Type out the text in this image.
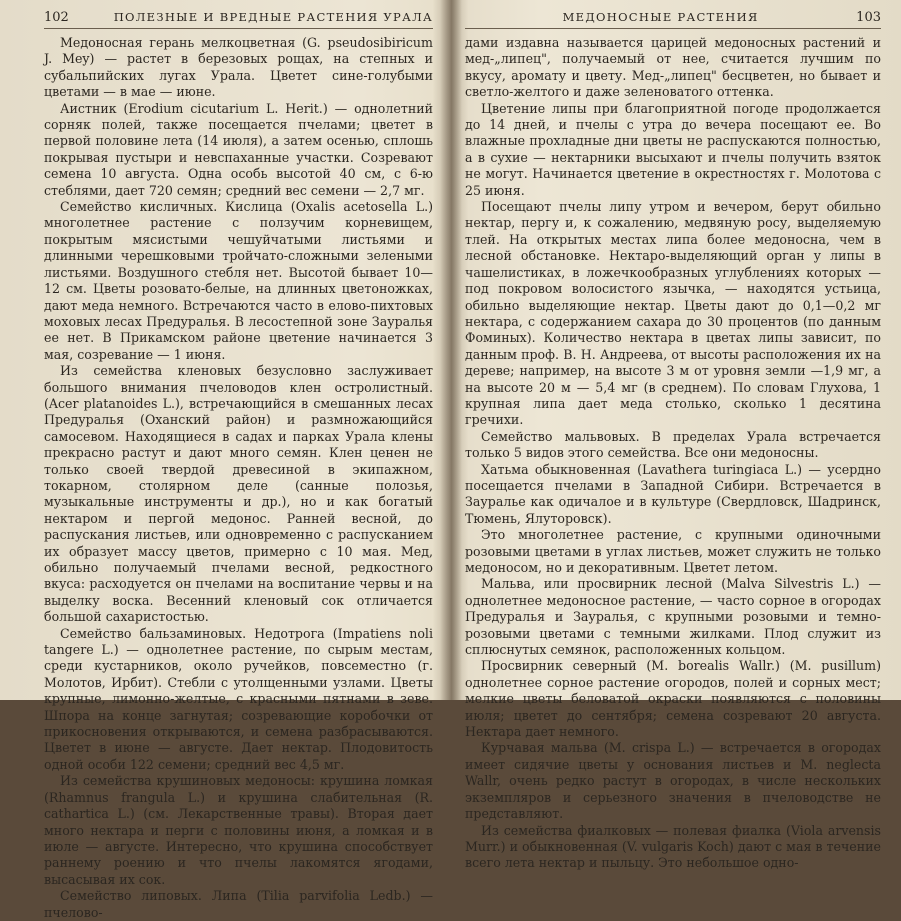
102	ПОЛЕЗНЫЕ И ВРЕДНЫЕ РАСТЕНИЯ УРАЛА

Медоносная герань мелкоцветная (G. pseudosibiricum J. Mey) — растет в березовых рощах, на степных и субальпийских лугах Урала. Цветет сине-голубыми цветами — в мае — июне.

Аистник (Erodium cicutarium L. Herit.) — однолетний сорняк полей, также посещается пчелами; цветет в первой половине лета (14 июля), а затем осенью, сплошь покрывая пустыри и невспаханные участки. Созревают семена 10 августа. Одна особь высотой 40 см, с 6-ю стеблями, дает 720 семян; средний вес семени — 2,7 мг.

Семейство кисличных. Кислица (Oxalis acetosella L.) многолетнее растение с ползучим корневищем, покрытым мясистыми чешуйчатыми листьями и длинными черешковыми тройчато-сложными зелеными листьями. Воздушного стебля нет. Высотой бывает 10—12 см. Цветы розовато-белые, на длинных цветоножках, дают меда немного. Встречаются часто в елово-пихтовых моховых лесах Предуралья. В лесостепной зоне Зауралья ее нет. В Прикамском районе цветение начинается 3 мая, созревание — 1 июня.

Из семейства кленовых безусловно заслуживает большого внимания пчеловодов клен остролистный. (Acer platanoides L.), встречающийся в смешанных лесах Предуралья (Оханский район) и размножающийся самосевом. Находящиеся в садах и парках Урала клены прекрасно растут и дают много семян. Клен ценен не только своей твердой древесиной в экипажном, токарном, столярном деле (санные полозья, музыкальные инструменты и др.), но и как богатый нектаром и пергой медонос. Ранней весной, до распускания листьев, или одновременно с распусканием их образует массу цветов, примерно с 10 мая. Мед, обильно получаемый пчелами весной, редкостного вкуса: расходуется он пчелами на воспитание червы и на выделку воска. Весенний кленовый сок отличается большой сахаристостью.

Семейство бальзаминовых. Недотрога (Impatiens noli tangere L.) — однолетнее растение, по сырым местам, среди кустарников, около ручейков, повсеместно (г. Молотов, Ирбит). Стебли с утолщенными узлами. Цветы крупные, лимонно-желтые, с красными пятнами в зеве. Шпора на конце загнутая; созревающие коробочки от прикосновения открываются, и семена разбрасываются. Цветет в июне — августе. Дает нектар. Плодовитость одной особи 122 семени; средний вес 4,5 мг.

Из семейства крушиновых медоносы: крушина ломкая (Rhamnus frangula L.) и крушина слабительная (R. cathartica L.) (см. Лекарственные травы). Вторая дает много нектара и перги с половины июня, а ломкая и в июле — августе. Интересно, что крушина способствует раннему роению и что пчелы лакомятся ягодами, высасывая их сок.

Семейство липовых. Липа (Tilia parvifolia Ledb.) — пчелово-

МЕДОНОСНЫЕ РАСТЕНИЯ	103

дами издавна называется царицей медоносных растений и мед-„липец", получаемый от нее, считается лучшим по вкусу, аромату и цвету. Мед-„липец" бесцветен, но бывает и светло-желтого и даже зеленоватого оттенка.

Цветение липы при благоприятной погоде продолжается до 14 дней, и пчелы с утра до вечера посещают ее. Во влажные прохладные дни цветы не распускаются полностью, а в сухие — нектарники высыхают и пчелы получить взяток не могут. Начинается цветение в окрестностях г. Молотова с 25 июня.

Посещают пчелы липу утром и вечером, берут обильно нектар, пергу и, к сожалению, медвяную росу, выделяемую тлей. На открытых местах липа более медоносна, чем в лесной обстановке. Нектаро-выделяющий орган у липы в чашелистиках, в ложечкообразных углублениях которых — под покровом волосистого язычка, — находятся устьица, обильно выделяющие нектар. Цветы дают до 0,1—0,2 мг нектара, с содержанием сахара до 30 процентов (по данным Фоминых). Количество нектара в цветах липы зависит, по данным проф. В. Н. Андреева, от высоты расположения их на дереве; например, на высоте 3 м от уровня земли —1,9 мг, а на высоте 20 м — 5,4 мг (в среднем). По словам Глухова, 1 крупная липа дает меда столько, сколько 1 десятина гречихи.

Семейство мальвовых. В пределах Урала встречается только 5 видов этого семейства. Все они медоносны.

Хатьма обыкновенная (Lavathera turingiaca L.) — усердно посещается пчелами в Западной Сибири. Встречается в Зауралье как одичалое и в культуре (Свердловск, Шадринск, Тюмень, Ялуторовск).

Это многолетнее растение, с крупными одиночными розовыми цветами в углах листьев, может служить не только медоносом, но и декоративным. Цветет летом.

Мальва, или просвирник лесной (Malva Silvestris L.) — однолетнее медоносное растение, — часто сорное в огородах Предуралья и Зауралья, с крупными розовыми и темно-розовыми цветами с темными жилками. Плод служит из сплюснутых семянок, расположенных кольцом.

Просвирник северный (M. borealis Wallr.) (M. pusillum) однолетнее сорное растение огородов, полей и сорных мест; мелкие цветы беловатой окраски появляются с половины июля; цветет до сентября; семена созревают 20 августа. Нектара дает немного.

Курчавая мальва (M. crispa L.) — встречается в огородах имеет сидячие цветы у основания листьев и M. neglecta Wallr, очень редко растут в огородах, в числе нескольких экземпляров и серьезного значения в пчеловодстве не представляют.

Из семейства фиалковых — полевая фиалка (Viola arvensis Murr.) и обыкновенная (V. vulgaris Koch) дают с мая в течение всего лета нектар и пыльцу. Это небольшое одно-
